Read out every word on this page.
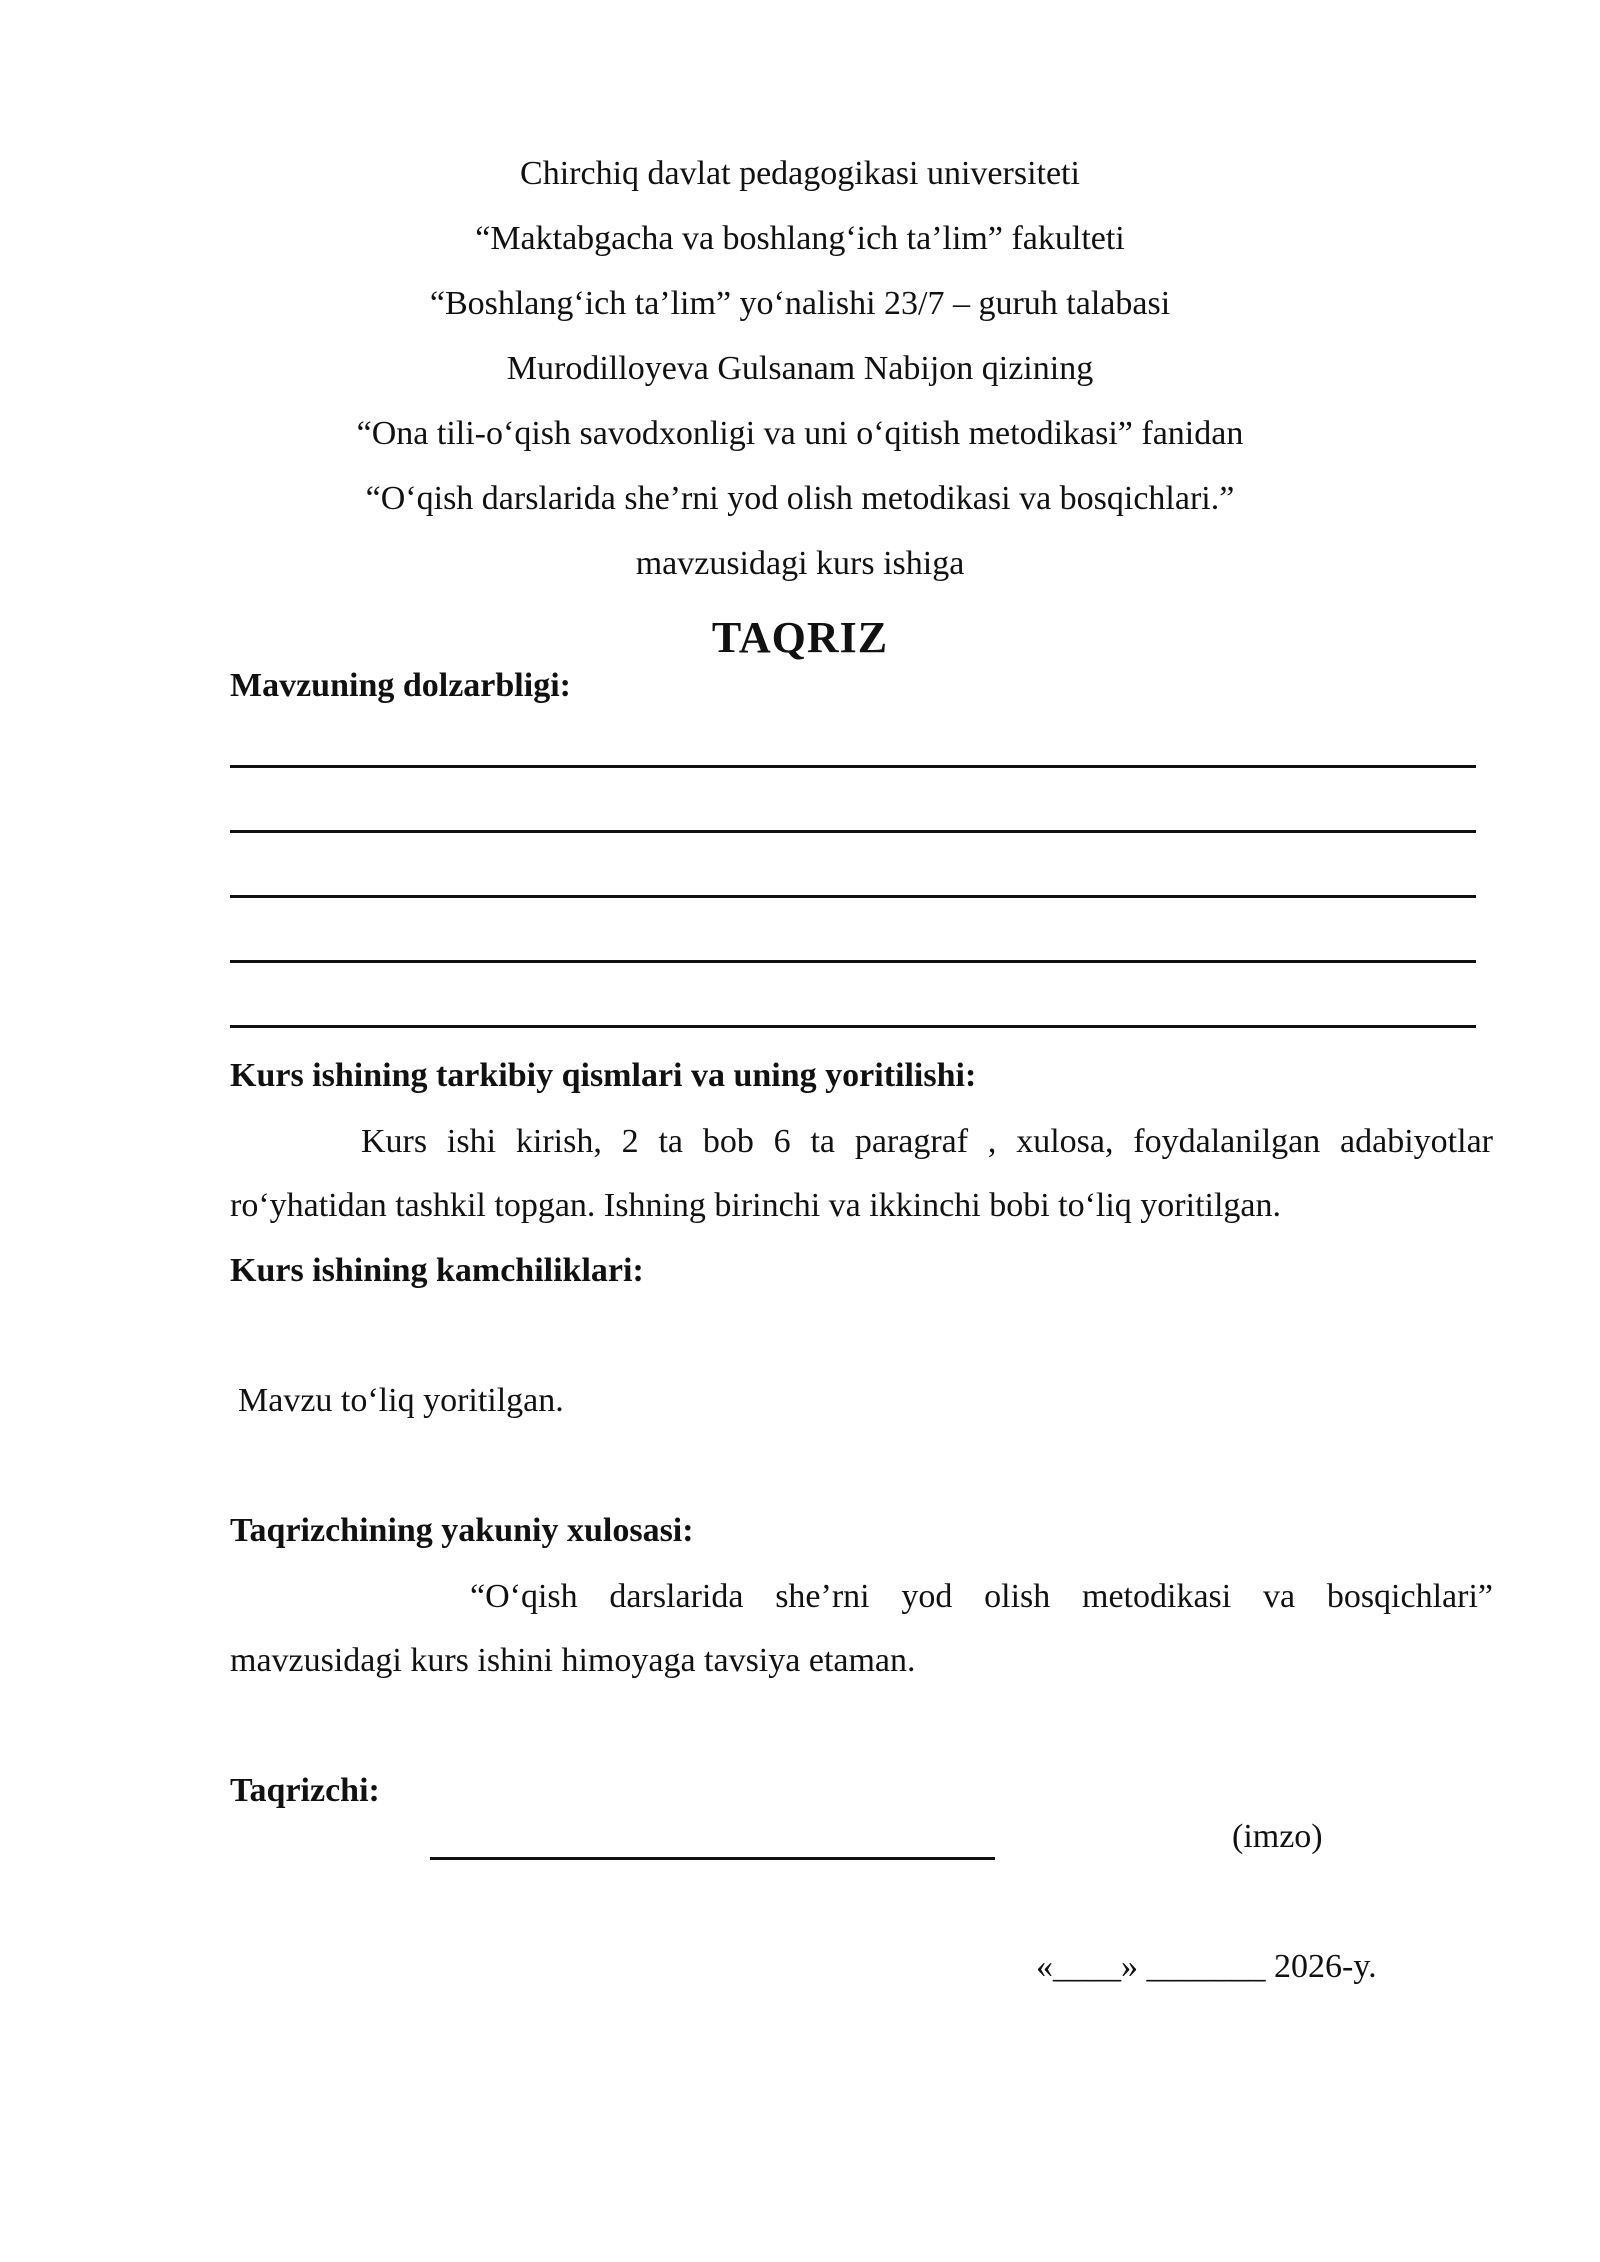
Chirchiq davlat pedagogikasi universiteti
“Maktabgacha va boshlang‘ich ta’lim” fakulteti
“Boshlang‘ich ta’lim” yo‘nalishi 23/7 – guruh talabasi
Murodilloyeva Gulsanam Nabijon qizining
“Ona tili-o‘qish savodxonligi va uni o‘qitish metodikasi” fanidan
“O‘qish darslarida she’rni yod olish metodikasi va bosqichlari.”
mavzusidagi kurs ishiga
TAQRIZ
Mavzuning dolzarbligi:
Kurs ishining tarkibiy qismlari va uning yoritilishi:

Kurs ishi kirish, 2 ta bob 6 ta paragraf , xulosa, foydalanilgan adabiyotlar

ro‘yhatidan tashkil topgan. Ishning birinchi va ikkinchi bobi to‘liq yoritilgan.
Kurs ishining kamchiliklari:
Mavzu to‘liq yoritilgan.
Taqrizchining yakuniy xulosasi:

“O‘qish darslarida she’rni yod olish metodikasi va bosqichlari”

mavzusidagi kurs ishini himoyaga tavsiya etaman.
Taqrizchi:
(imzo)
«____» _______ 2026-y.
